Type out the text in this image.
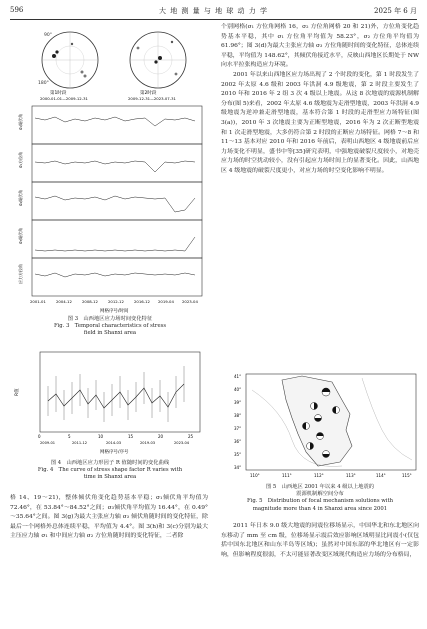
596	大 地 测 量 与 地 球 动 力 学	2025 年 6 月
90°
180°
第1时段
2000-01-01—2009-12-31
第2时段
2009-12-31—2023-07-31
σ₁倾伏角
σ₁方位角
σ₂倾伏角
σ₃倾伏角
应力方位角
2001-01	2004-12	2008-12	2012-12	2016-12 2019-04 2023-04
网格序号/时间
图 3　山西地区应力场时间变化特征
Fig. 3　Temporal characteristics of stress
field in Shanxi area
R值
0	5	10	15	20	25
2009-01	2011-12	2014-03	2019-03	2023-04
网格序号/序号
图 4　山西地区应力形因子 R 值随时间的变化曲线
Fig. 4　The curve of stress shape factor R varies with
time in Shanxi area

格 14、19～21)，整体倾伏角变化趋势基本平稳；σ₁倾伏角平均值为 72.46°，在 53.84°～84.52°之间；σ₃倾伏角平均值为 16.44°，在 0.49°～35.64°之间。图 3(g)为最大主张应力轴 σ₃ 倾伏角随时间的变化特征，除最后一个网格外总体连续平稳，平均值为 4.4°。图 3(h)和 3(c)分别为最大主压应力轴 σ₁ 和中间应力轴 σ₂ 方位角随时间的变化特征，二者除

个别网格(σ₁ 方位角网格 16，σ₂ 方位角网格 20 和 21)外，方位角变化趋势基本平稳，其中 σ₁ 方位角平均值为 58.23°，σ₂ 方位角平均值为 61.96°；图 3(d)为最大主张应力轴 σ₃ 方位角随时间的变化特征，总体连续平稳，平均值为 148.62°，其倾伏角接近水平，反映山西地区长期处于 NW 向水平拉张构造应力环境。

2001 年以来山西地区应力场出现了 2 个时段的变化，第 1 时段发生了 2002 年太原 4.6 级和 2003 年洪洞 4.9 级地震，第 2 时段主要发生了 2010 年和 2016 年 2 组 3 次 4 级以上地震。从这 8 次地震的震源机制解分布(图 5)来看，2002 年太原 4.6 级地震为走滑型地震，2003 年洪洞 4.9 级地震为逆冲兼走滑型地震，基本符合第 1 时段的走滑型应力场特征(图 3(a))，2010 年 3 次地震主要为正断型地震，2016 年为 2 次正断型地震和 1 次走滑型地震，大多仍符合第 2 时段的正断应力场特征。网格 7～8 和 11～13 基本对应 2010 年和 2016 年前后，表明山西地区 4 级地震前后应力场变化不明显，盛书中等[35]研究表明，中强地震破裂尺度较小，对地壳应力场的时空扰动较小，没有引起应力场时间上的显著变化。因此，山西地区 4 级地震的破裂尺度更小，对应力场的时空变化影响不明显。

41°
40°
39°
38°
37°
36°
35°
34°
110°	111°	112°	113°	114°	115°
图 5　山西地区 2001 年以来 4 级以上地震的
震源机制解空间分布
Fig. 5　Distribution of focal mechanism solutions with
magnitude more than 4 in Shanxi area since 2001

2011 年日本 9.0 级大地震的同震位移场显示，中国华北和东北地区向东移动了 mm 至 cm 级，位移场显示震后效应影响区域明显比同震小(仅包括中国东北地区和山东半岛等区域)；虽然对中国东部的华北地区有一定影响，但影响程度很弱，不太可能显著改变区域现代构造应力场的分布格局，
